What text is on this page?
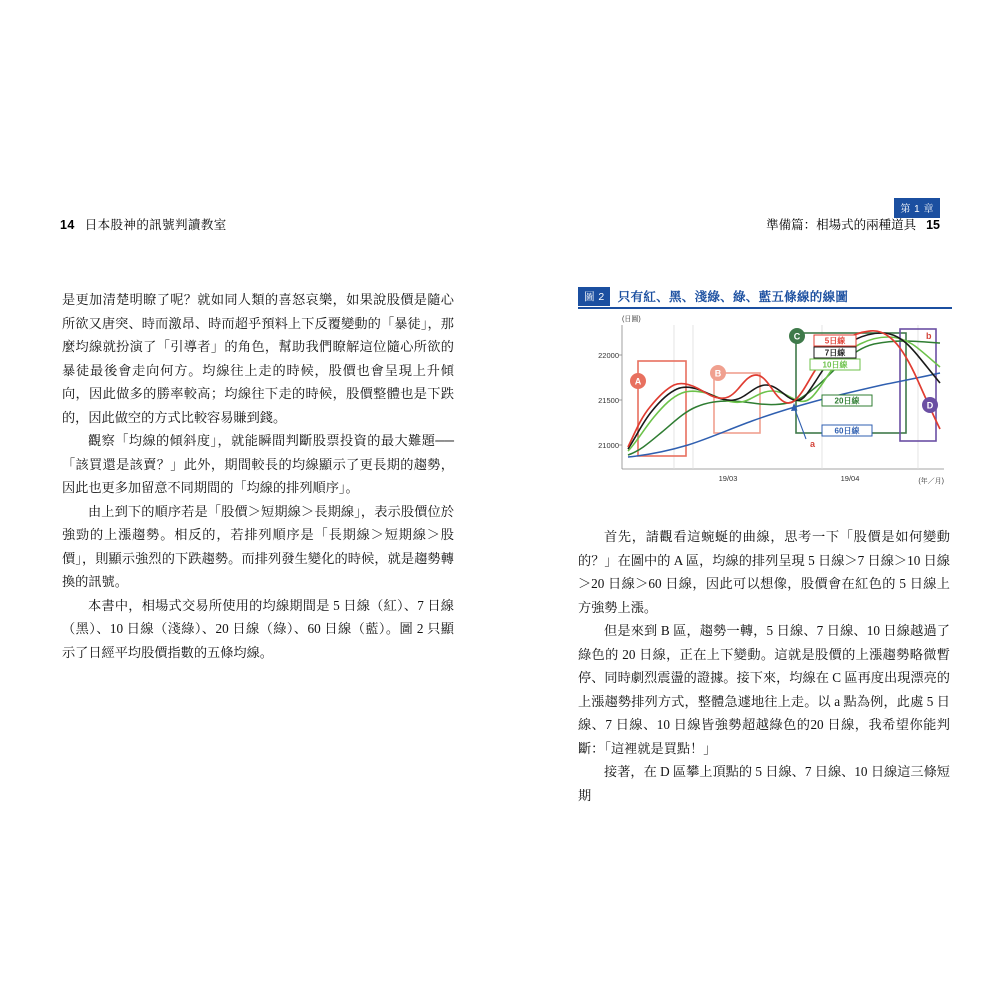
14 日本股神的訊號判讀教室
第 1 章
準備篇：相場式的兩種道具 15

是更加清楚明瞭了呢？就如同人類的喜怒哀樂，如果說股價是隨心所欲又唐突、時而激昂、時而超乎預料上下反覆變動的「暴徒」，那麼均線就扮演了「引導者」的角色，幫助我們瞭解這位隨心所欲的暴徒最後會走向何方。均線往上走的時候，股價也會呈現上升傾向，因此做多的勝率較高；均線往下走的時候，股價整體也是下跌的，因此做空的方式比較容易賺到錢。

觀察「均線的傾斜度」，就能瞬間判斷股票投資的最大難題──「該買還是該賣？」此外，期間較長的均線顯示了更長期的趨勢，因此也更多加留意不同期間的「均線的排列順序」。

由上到下的順序若是「股價＞短期線＞長期線」，表示股價位於強勁的上漲趨勢。相反的，若排列順序是「長期線＞短期線＞股價」，則顯示強烈的下跌趨勢。而排列發生變化的時候，就是趨勢轉換的訊號。

本書中，相場式交易所使用的均線期間是 5 日線（紅）、7 日線（黑）、10 日線（淺綠）、20 日線（綠）、60 日線（藍）。圖 2 只顯示了日經平均股價指數的五條均線。

圖 2	只有紅、黑、淺綠、綠、藍五條線的線圖
22000
21500
21000
(日圓)
(年／月)
19/03	19/04
5日線
7日線
10日線
20日線
60日線
A
B
C
D
a
b

首先，請觀看這蜿蜒的曲線，思考一下「股價是如何變動的？」在圖中的 A 區，均線的排列呈現 5 日線＞7 日線＞10 日線＞20 日線＞60 日線，因此可以想像，股價會在紅色的 5 日線上方強勢上漲。

但是來到 B 區，趨勢一轉，5 日線、7 日線、10 日線越過了綠色的 20 日線，正在上下變動。這就是股價的上漲趨勢略微暫停、同時劇烈震盪的證據。接下來，均線在 C 區再度出現漂亮的上漲趨勢排列方式，整體急遽地往上走。以 a 點為例，此處 5 日線、7 日線、10 日線皆強勢超越綠色的20 日線，我希望你能判斷：「這裡就是買點！」

接著，在 D 區攀上頂點的 5 日線、7 日線、10 日線這三條短期
